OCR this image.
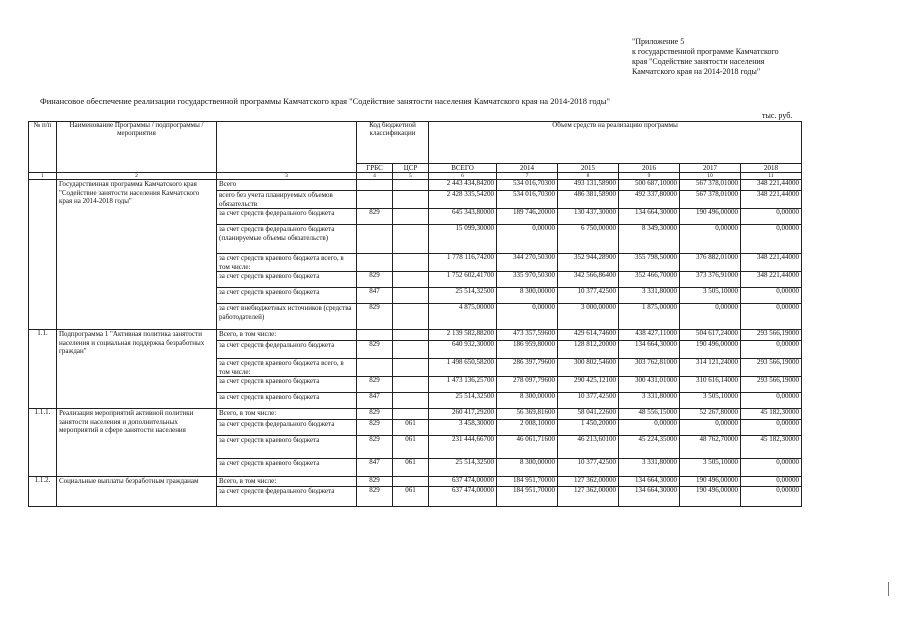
"Приложение 5
к государственной программе Камчатского
края "Содействие занятости населения
Камчатского края на 2014-2018 годы"
Финансовое обеспечение реализации государственной программы Камчатского края "Содействие занятости населения Камчатского края на 2014-2018 годы"
тыс. руб.
№ п/п	Наименование Программы / подпрограммы / мероприятия		Код бюджетной классификации		Объем средств на реализацию программы					
			ГРБС	ЦСР	ВСЕГО	2014	2015	2016	2017	2018
1	2	3	4	5	6	7	8	9	10	11
	Государственная программа Камчатского края "Содействие занятости населения Камчатского края на 2014-2018 годы"	Всего			2 443 434,84200	534 016,70300	493 131,58900	500 687,10000	567 378,01000	348 221,44000
		всего без учета планируемых объемов обязательств			2 428 335,54200	534 016,70300	486 381,58900	492 337,80000	567 378,01000	348 221,44000
		за счет средств федерального бюджета	829		645 343,80000	189 746,20000	130 437,30000	134 664,30000	190 496,00000	0,00000
		за счет средств федерального бюджета (планируемые объемы обязательств)			15 099,30000	0,00000	6 750,00000	8 349,30000	0,00000	0,00000
		за счет средств краевого бюджета всего, в том числе:			1 778 116,74200	344 270,50300	352 944,28900	355 798,50000	376 882,01000	348 221,44000
		за счет средств краевого бюджета	829		1 752 602,41700	335 970,50300	342 566,86400	352 466,70000	373 376,91000	348 221,44000
		за счет средств краевого бюджета	847		25 514,32500	8 300,00000	10 377,42500	3 331,80000	3 505,10000	0,00000
		за счет внебюджетных источников (средства работодателей)	829		4 875,00000	0,00000	3 000,00000	1 875,00000	0,00000	0,00000
1.1.	Подпрограмма 1 "Активная политика занятости населения и социальная поддержка безработных граждан"	Всего, в том числе:			2 139 582,88200	473 357,59600	429 614,74600	438 427,11000	504 617,24000	293 566,19000
		за счет средств федерального бюджета	829		640 932,30000	186 959,80000	128 812,20000	134 664,30000	190 496,00000	0,00000
		за счет средств краевого бюджета всего, в том числе:			1 498 650,58200	286 397,79600	300 802,54600	303 762,81000	314 121,24000	293 566,19000
		за счет средств краевого бюджета	829		1 473 136,25700	278 097,79600	290 425,12100	300 431,01000	310 616,14000	293 566,19000
		за счет средств краевого бюджета	847		25 514,32500	8 300,00000	10 377,42500	3 331,80000	3 505,10000	0,00000
1.1.1.	Реализация мероприятий активной политики занятости населения и дополнительных мероприятий в сфере занятости населения	Всего, в том числе:	829		260 417,29200	56 369,81600	58 041,22600	48 556,15000	52 267,80000	45 182,30000
		за счет средств федерального бюджета	829	061	3 458,30000	2 008,10000	1 450,20000	0,00000	0,00000	0,00000
		за счет средств краевого бюджета	829	061	231 444,66700	46 061,71600	46 213,60100	45 224,35000	48 762,70000	45 182,30000
		за счет средств краевого бюджета	847	061	25 514,32500	8 300,00000	10 377,42500	3 331,80000	3 505,10000	0,00000
1.1.2.	Социальные выплаты безработным гражданам	Всего, в том числе:	829		637 474,00000	184 951,70000	127 362,00000	134 664,30000	190 496,00000	0,00000
		за счет средств федерального бюджета	829	061	637 474,00000	184 951,70000	127 362,00000	134 664,30000	190 496,00000	0,00000
